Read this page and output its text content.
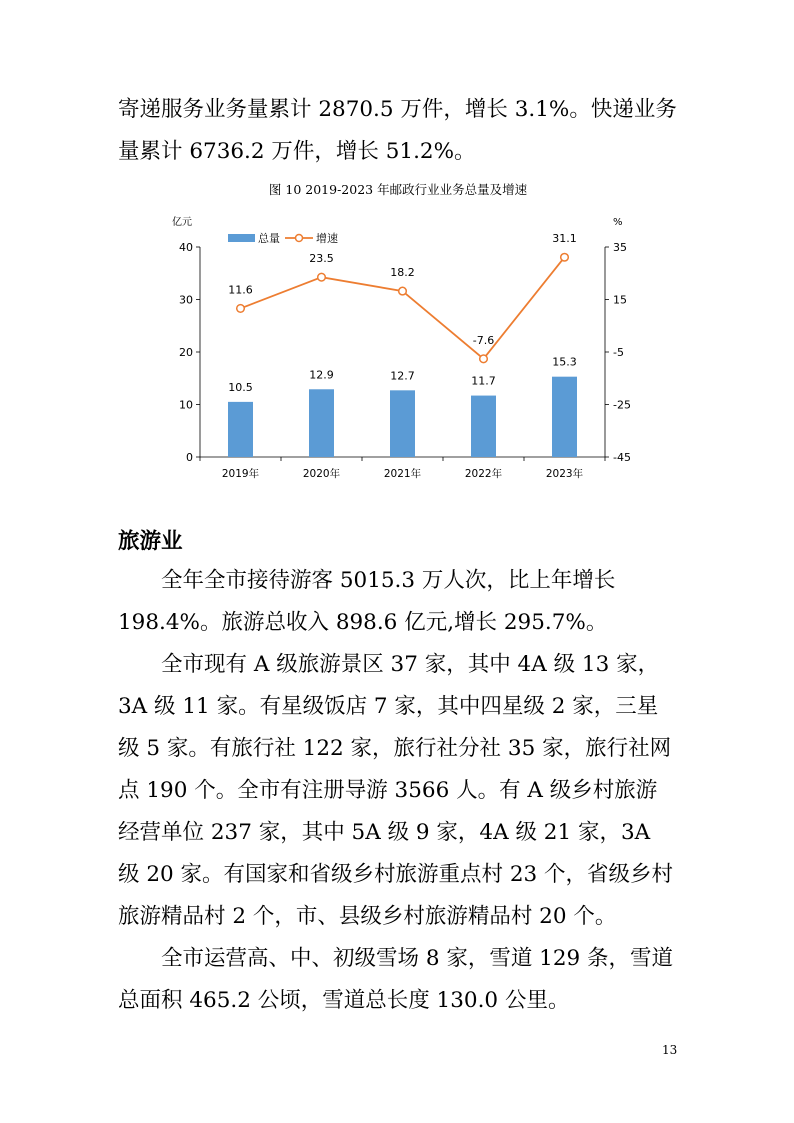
寄递服务业务量累计 2870.5 万件，增长 3.1%。快递业务量累计 6736.2 万件，增长 51.2%。

图 10 2019-2023 年邮政行业业务总量及增速
0
10
20
30
40
-45
-25
-5
15
35
亿元	%
2019年	2020年	2021年	2022年	2023年
10.5
12.9	12.7	11.7
15.3
11.6
23.5
18.2
-7.6
31.1
总量	增速
旅游业

全年全市接待游客 5015.3 万人次，比上年增长 198.4%。旅游总收入 898.6 亿元,增长 295.7%。

全市现有 A 级旅游景区 37 家，其中 4A 级 13 家，3A 级 11 家。有星级饭店 7 家，其中四星级 2 家，三星级 5 家。有旅行社 122 家，旅行社分社 35 家，旅行社网点 190 个。全市有注册导游 3566 人。有 A 级乡村旅游经营单位 237 家，其中 5A 级 9 家，4A 级 21 家，3A 级 20 家。有国家和省级乡村旅游重点村 23 个，省级乡村旅游精品村 2 个，市、县级乡村旅游精品村 20 个。

全市运营高、中、初级雪场 8 家，雪道 129 条，雪道总面积 465.2 公顷，雪道总长度 130.0 公里。

13
